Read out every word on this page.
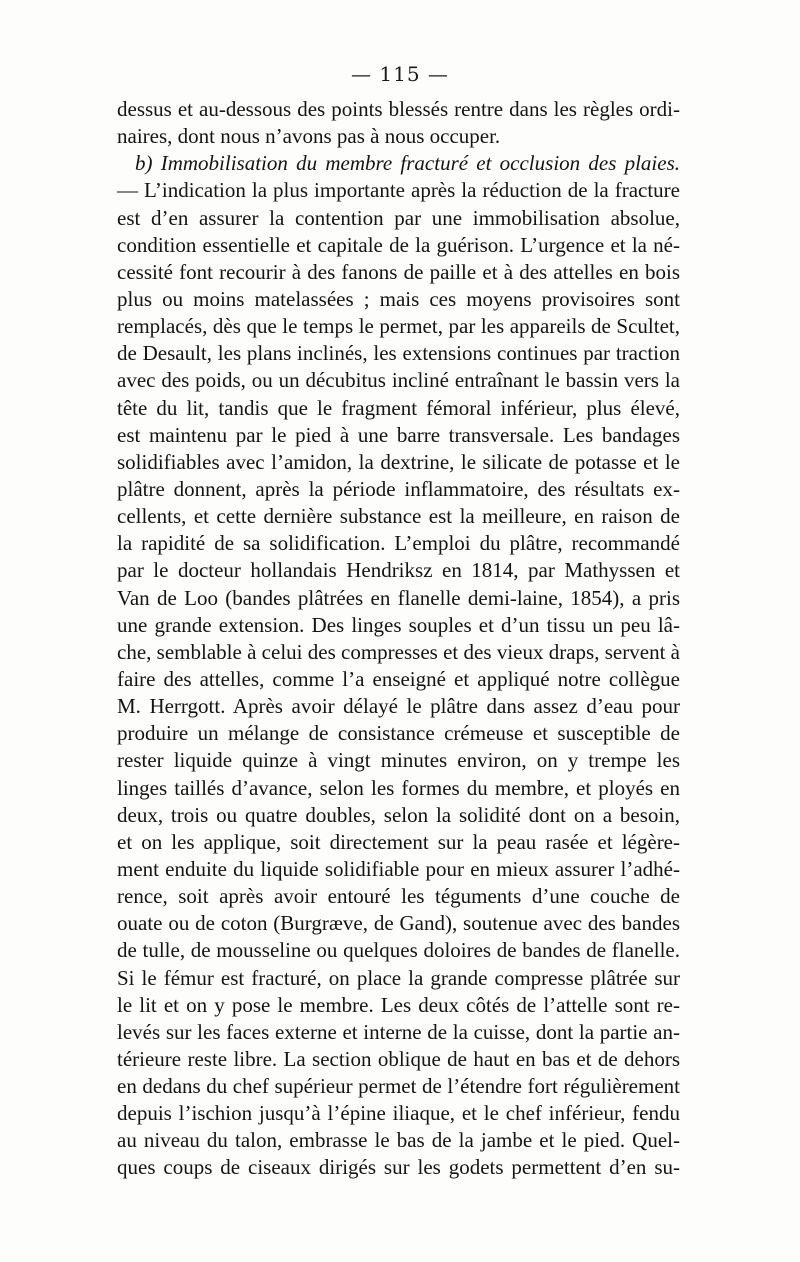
— 115 —
dessus et au-dessous des points blessés rentre dans les règles ordi-
naires, dont nous n’avons pas à nous occuper.
b) Immobilisation du membre fracturé et occlusion des plaies.
— L’indication la plus importante après la réduction de la fracture
est d’en assurer la contention par une immobilisation absolue,
condition essentielle et capitale de la guérison. L’urgence et la né-
cessité font recourir à des fanons de paille et à des attelles en bois
plus ou moins matelassées ; mais ces moyens provisoires sont
remplacés, dès que le temps le permet, par les appareils de Scultet,
de Desault, les plans inclinés, les extensions continues par traction
avec des poids, ou un décubitus incliné entraînant le bassin vers la
tête du lit, tandis que le fragment fémoral inférieur, plus élevé,
est maintenu par le pied à une barre transversale. Les bandages
solidifiables avec l’amidon, la dextrine, le silicate de potasse et le
plâtre donnent, après la période inflammatoire, des résultats ex-
cellents, et cette dernière substance est la meilleure, en raison de
la rapidité de sa solidification. L’emploi du plâtre, recommandé
par le docteur hollandais Hendriksz en 1814, par Mathyssen et
Van de Loo (bandes plâtrées en flanelle demi-laine, 1854), a pris
une grande extension. Des linges souples et d’un tissu un peu lâ-
che, semblable à celui des compresses et des vieux draps, servent à
faire des attelles, comme l’a enseigné et appliqué notre collègue
M. Herrgott. Après avoir délayé le plâtre dans assez d’eau pour
produire un mélange de consistance crémeuse et susceptible de
rester liquide quinze à vingt minutes environ, on y trempe les
linges taillés d’avance, selon les formes du membre, et ployés en
deux, trois ou quatre doubles, selon la solidité dont on a besoin,
et on les applique, soit directement sur la peau rasée et légère-
ment enduite du liquide solidifiable pour en mieux assurer l’adhé-
rence, soit après avoir entouré les téguments d’une couche de
ouate ou de coton (Burgræve, de Gand), soutenue avec des bandes
de tulle, de mousseline ou quelques doloires de bandes de flanelle.
Si le fémur est fracturé, on place la grande compresse plâtrée sur
le lit et on y pose le membre. Les deux côtés de l’attelle sont re-
levés sur les faces externe et interne de la cuisse, dont la partie an-
térieure reste libre. La section oblique de haut en bas et de dehors
en dedans du chef supérieur permet de l’étendre fort régulièrement
depuis l’ischion jusqu’à l’épine iliaque, et le chef inférieur, fendu
au niveau du talon, embrasse le bas de la jambe et le pied. Quel-
ques coups de ciseaux dirigés sur les godets permettent d’en su-
